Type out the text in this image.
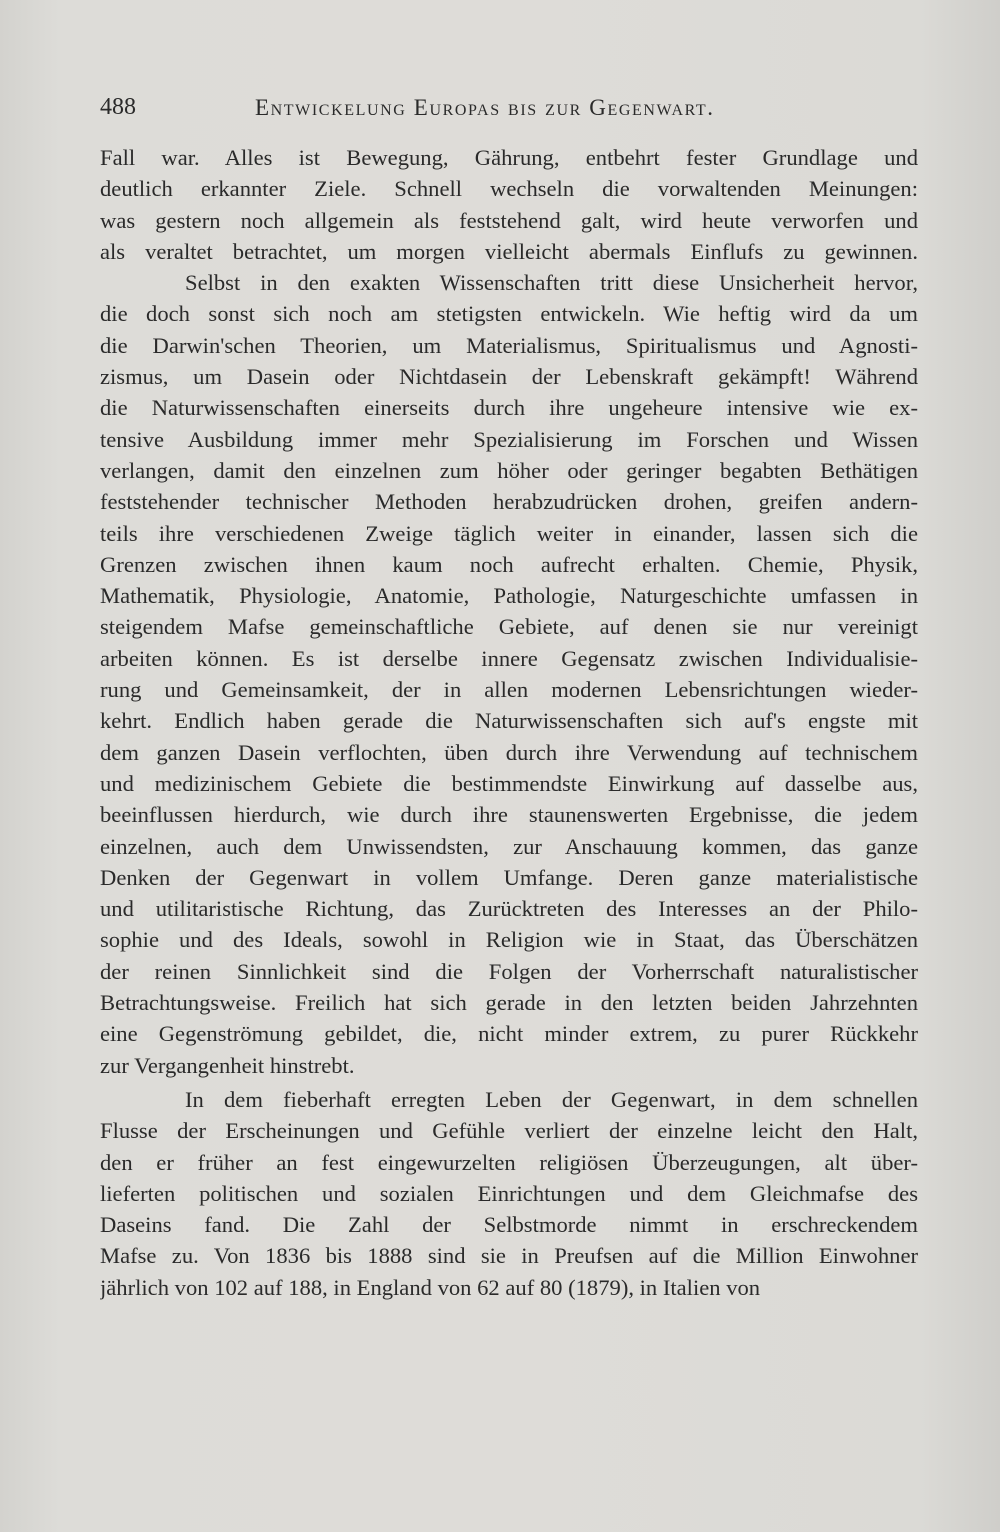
488	Entwickelung Europas bis zur Gegenwart.
Fall war. Alles ist Bewegung, Gährung, entbehrt fester Grundlage und
deutlich erkannter Ziele. Schnell wechseln die vorwaltenden Meinungen:
was gestern noch allgemein als feststehend galt, wird heute verworfen und
als veraltet betrachtet, um morgen vielleicht abermals Einflufs zu gewinnen.
Selbst in den exakten Wissenschaften tritt diese Unsicherheit hervor,
die doch sonst sich noch am stetigsten entwickeln. Wie heftig wird da um
die Darwin'schen Theorien, um Materialismus, Spiritualismus und Agnosti-
zismus, um Dasein oder Nichtdasein der Lebenskraft gekämpft! Während
die Naturwissenschaften einerseits durch ihre ungeheure intensive wie ex-
tensive Ausbildung immer mehr Spezialisierung im Forschen und Wissen
verlangen, damit den einzelnen zum höher oder geringer begabten Bethätigen
feststehender technischer Methoden herabzudrücken drohen, greifen andern-
teils ihre verschiedenen Zweige täglich weiter in einander, lassen sich die
Grenzen zwischen ihnen kaum noch aufrecht erhalten. Chemie, Physik,
Mathematik, Physiologie, Anatomie, Pathologie, Naturgeschichte umfassen in
steigendem Mafse gemeinschaftliche Gebiete, auf denen sie nur vereinigt
arbeiten können. Es ist derselbe innere Gegensatz zwischen Individualisie-
rung und Gemeinsamkeit, der in allen modernen Lebensrichtungen wieder-
kehrt. Endlich haben gerade die Naturwissenschaften sich auf's engste mit
dem ganzen Dasein verflochten, üben durch ihre Verwendung auf technischem
und medizinischem Gebiete die bestimmendste Einwirkung auf dasselbe aus,
beeinflussen hierdurch, wie durch ihre staunenswerten Ergebnisse, die jedem
einzelnen, auch dem Unwissendsten, zur Anschauung kommen, das ganze
Denken der Gegenwart in vollem Umfange. Deren ganze materialistische
und utilitaristische Richtung, das Zurücktreten des Interesses an der Philo-
sophie und des Ideals, sowohl in Religion wie in Staat, das Überschätzen
der reinen Sinnlichkeit sind die Folgen der Vorherrschaft naturalistischer
Betrachtungsweise. Freilich hat sich gerade in den letzten beiden Jahrzehnten
eine Gegenströmung gebildet, die, nicht minder extrem, zu purer Rückkehr
zur Vergangenheit hinstrebt.
In dem fieberhaft erregten Leben der Gegenwart, in dem schnellen
Flusse der Erscheinungen und Gefühle verliert der einzelne leicht den Halt,
den er früher an fest eingewurzelten religiösen Überzeugungen, alt über-
lieferten politischen und sozialen Einrichtungen und dem Gleichmafse des
Daseins fand. Die Zahl der Selbstmorde nimmt in erschreckendem
Mafse zu. Von 1836 bis 1888 sind sie in Preufsen auf die Million Einwohner
jährlich von 102 auf 188, in England von 62 auf 80 (1879), in Italien von
